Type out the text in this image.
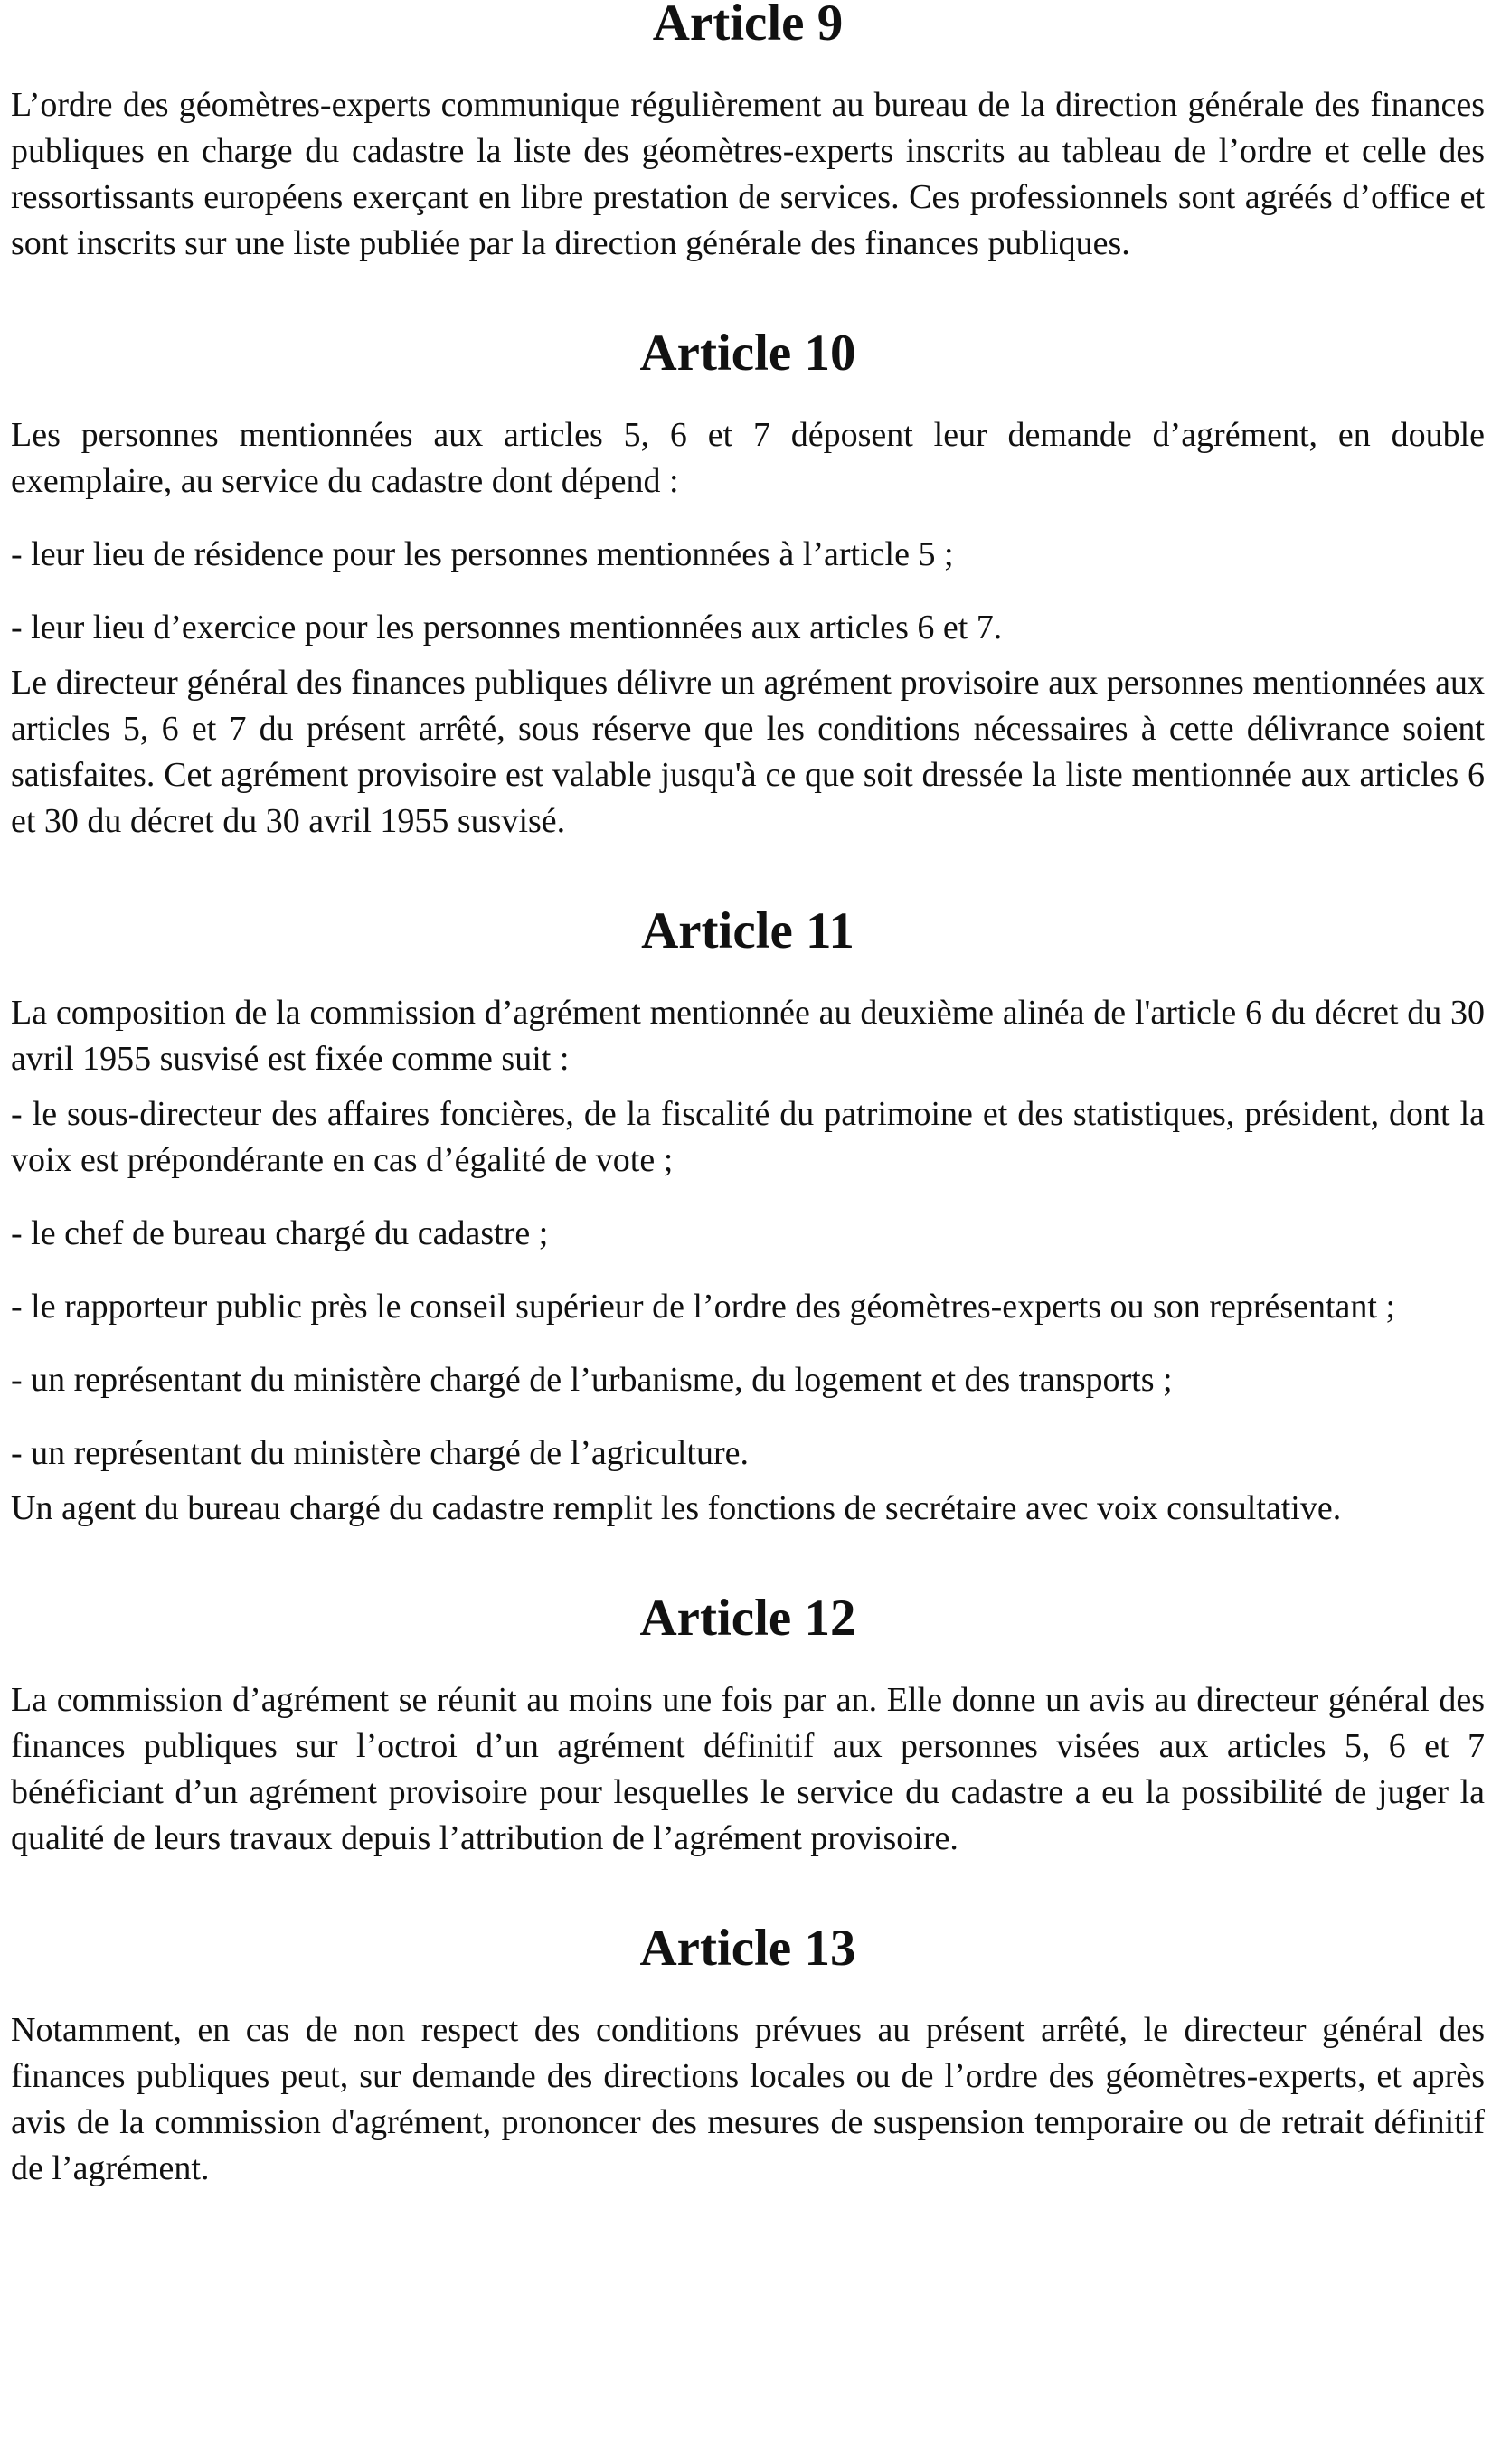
Article 9

L’ordre des géomètres-experts communique régulièrement au bureau de la direction générale des finances publiques en charge du cadastre la liste des géomètres-experts inscrits au tableau de l’ordre et celle des ressortissants européens exerçant en libre prestation de services. Ces professionnels sont agréés d’office et sont inscrits sur une liste publiée par la direction générale des finances publiques.

Article 10

Les personnes mentionnées aux articles 5, 6 et 7 déposent leur demande d’agrément, en double exemplaire, au service du cadastre dont dépend :

- leur lieu de résidence pour les personnes mentionnées à l’article 5 ;

- leur lieu d’exercice pour les personnes mentionnées aux articles 6 et 7.

Le directeur général des finances publiques délivre un agrément provisoire aux personnes mentionnées aux articles 5, 6 et 7 du présent arrêté, sous réserve que les conditions nécessaires à cette délivrance soient satisfaites. Cet agrément provisoire est valable jusqu'à ce que soit dressée la liste mentionnée aux articles 6 et 30 du décret du 30 avril 1955 susvisé.

Article 11

La composition de la commission d’agrément mentionnée au deuxième alinéa de l'article 6 du décret du 30 avril 1955 susvisé est fixée comme suit :

- le sous-directeur des affaires foncières, de la fiscalité du patrimoine et des statistiques, président, dont la voix est prépondérante en cas d’égalité de vote ;

- le chef de bureau chargé du cadastre ;

- le rapporteur public près le conseil supérieur de l’ordre des géomètres-experts ou son représentant ;

- un représentant du ministère chargé de l’urbanisme, du logement et des transports ;

- un représentant du ministère chargé de l’agriculture.

Un agent du bureau chargé du cadastre remplit les fonctions de secrétaire avec voix consultative.

Article 12

La commission d’agrément se réunit au moins une fois par an. Elle donne un avis au directeur général des finances publiques sur l’octroi d’un agrément définitif aux personnes visées aux articles 5, 6 et 7 bénéficiant d’un agrément provisoire pour lesquelles le service du cadastre a eu la possibilité de juger la qualité de leurs travaux depuis l’attribution de l’agrément provisoire.

Article 13

Notamment, en cas de non respect des conditions prévues au présent arrêté, le directeur général des finances publiques peut, sur demande des directions locales ou de l’ordre des géomètres-experts, et après avis de la commission d'agrément, prononcer des mesures de suspension temporaire ou de retrait définitif de l’agrément.
